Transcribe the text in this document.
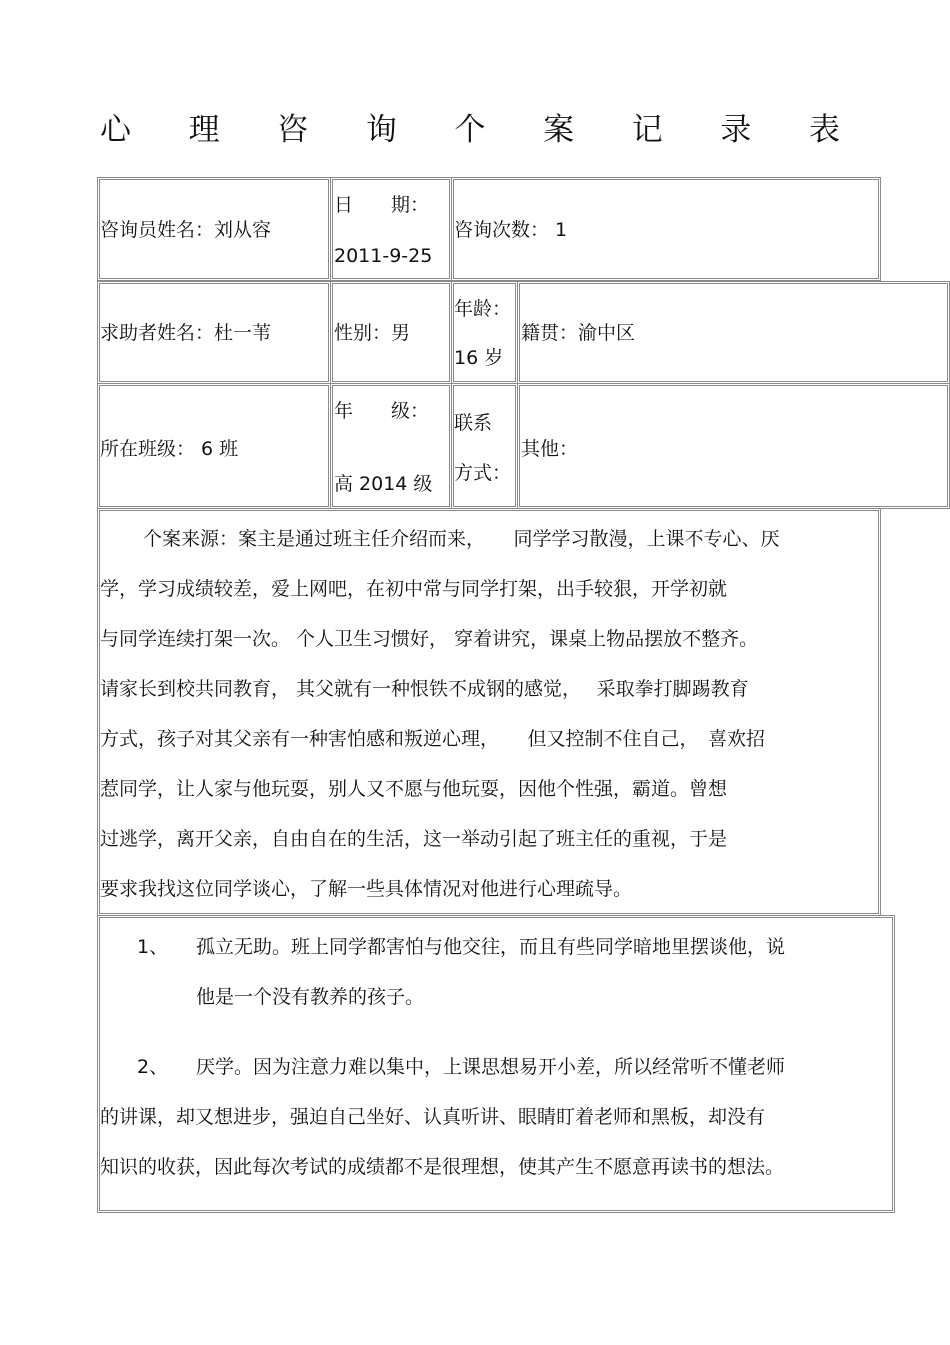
心 理 咨 询 个 案 记 录 表
咨询员姓名：刘从容
日　　期：
2011-9-25
咨询次数： 1
求助者姓名：杜一苇	性别：男
年龄：
16 岁
籍贯：渝中区
所在班级： 6 班
年　　级：
高 2014 级
联系
方式：
其他：
个案来源：案主是通过班主任介绍而来，　　同学学习散漫，上课不专心、厌
学，学习成绩较差，爱上网吧，在初中常与同学打架，出手较狠，开学初就
与同学连续打架一次。 个人卫生习惯好， 穿着讲究，课桌上物品摆放不整齐。
请家长到校共同教育， 其父就有一种恨铁不成钢的感觉，　 采取拳打脚踢教育
方式，孩子对其父亲有一种害怕感和叛逆心理，　　但又控制不住自己，　喜欢招
惹同学，让人家与他玩耍，别人又不愿与他玩耍，因他个性强，霸道。曾想
过逃学，离开父亲，自由自在的生活，这一举动引起了班主任的重视，于是
要求我找这位同学谈心，了解一些具体情况对他进行心理疏导。
1、 孤立无助。班上同学都害怕与他交往，而且有些同学暗地里摆谈他，说
他是一个没有教养的孩子。
2、 厌学。因为注意力难以集中，上课思想易开小差，所以经常听不懂老师
的讲课，却又想进步，强迫自己坐好、认真听讲、眼睛盯着老师和黑板，却没有
知识的收获，因此每次考试的成绩都不是很理想，使其产生不愿意再读书的想法。
